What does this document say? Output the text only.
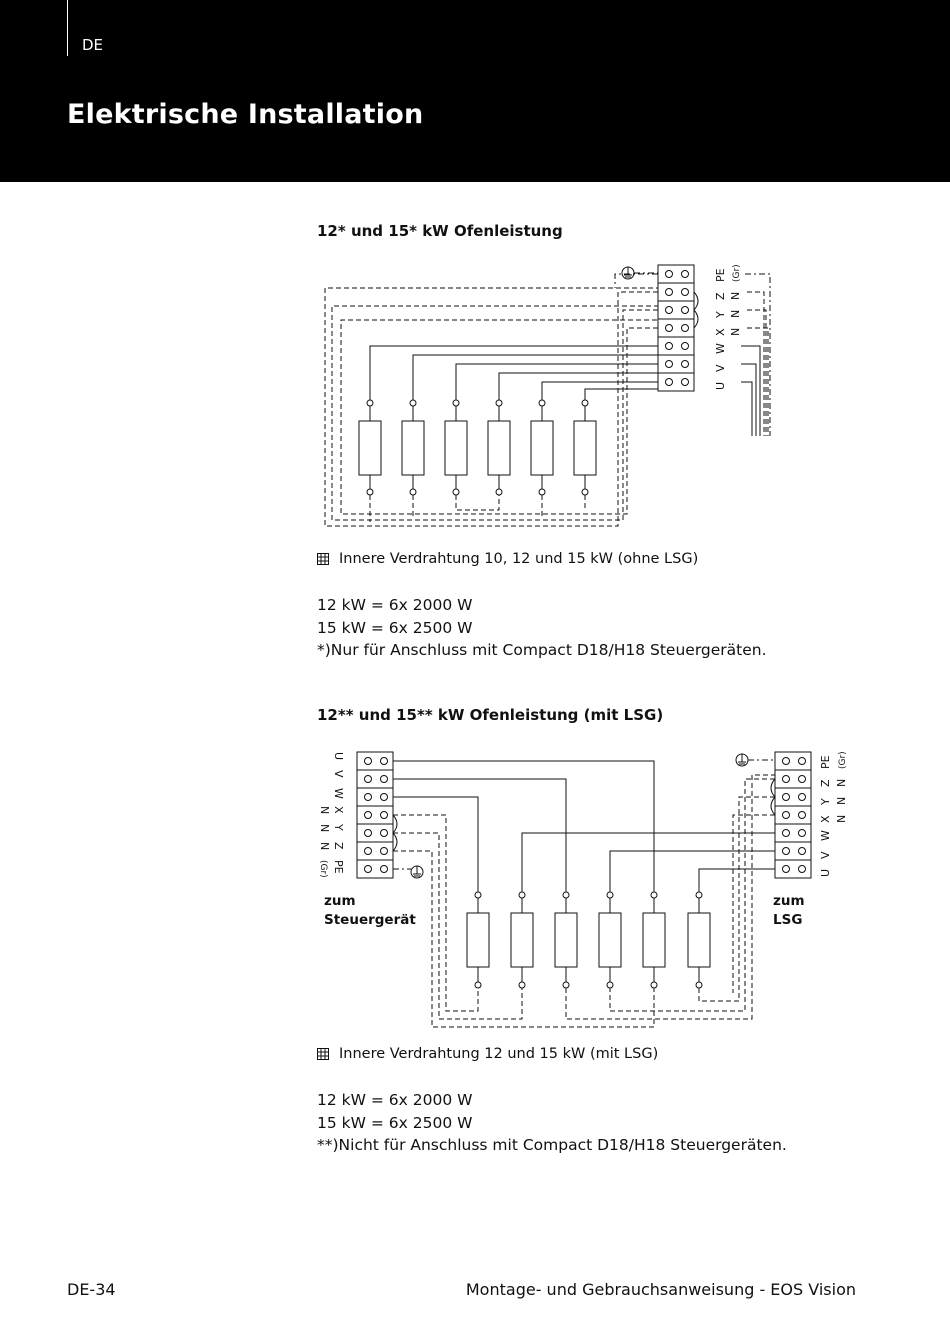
DE
Elektrische Installation
12* und 15* kW Ofenleistung
PE (Gr)
Z N
Y N
X N
W
V
U
Innere Verdrahtung 10, 12 und 15 kW (ohne LSG)
12 kW = 6x 2000 W
15 kW = 6x 2500 W
*)Nur für Anschluss mit Compact D18/H18 Steuergeräten.
12** und 15** kW Ofenleistung (mit LSG)
U
V
W
X
N
Y
N
Z
N
PE
(Gr)
PE (Gr)
Z N
Y N
X N
W
V
U
zum
Steuergerät
zum
LSG
Innere Verdrahtung 12 und 15 kW (mit LSG)
12 kW = 6x 2000 W
15 kW = 6x 2500 W
**)Nicht für Anschluss mit Compact D18/H18 Steuergeräten.
DE-34	Montage- und Gebrauchsanweisung - EOS Vision
